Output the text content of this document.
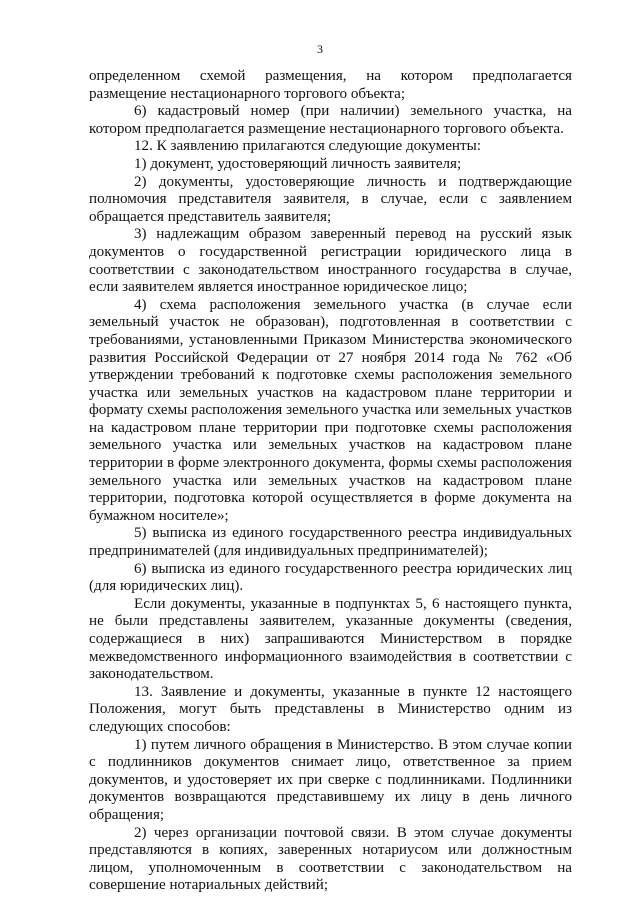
3

определенном схемой размещения, на котором предполагается размещение нестационарного торгового объекта;

6) кадастровый номер (при наличии) земельного участка, на котором предполагается размещение нестационарного торгового объекта.

12. К заявлению прилагаются следующие документы:

1) документ, удостоверяющий личность заявителя;

2) документы, удостоверяющие личность и подтверждающие полномочия представителя заявителя, в случае, если с заявлением обращается представитель заявителя;

3) надлежащим образом заверенный перевод на русский язык документов о государственной регистрации юридического лица в соответствии с законодательством иностранного государства в случае, если заявителем является иностранное юридическое лицо;

4) схема расположения земельного участка (в случае если земельный участок не образован), подготовленная в соответствии с требованиями, установленными Приказом Министерства экономического развития Российской Федерации от 27 ноября 2014 года № 762 «Об утверждении требований к подготовке схемы расположения земельного участка или земельных участков на кадастровом плане территории и формату схемы расположения земельного участка или земельных участков на кадастровом плане территории при подготовке схемы расположения земельного участка или земельных участков на кадастровом плане территории в форме электронного документа, формы схемы расположения земельного участка или земельных участков на кадастровом плане территории, подготовка которой осуществляется в форме документа на бумажном носителе»;

5) выписка из единого государственного реестра индивидуальных предпринимателей (для индивидуальных предпринимателей);

6) выписка из единого государственного реестра юридических лиц (для юридических лиц).

Если документы, указанные в подпунктах 5, 6 настоящего пункта, не были представлены заявителем, указанные документы (сведения, содержащиеся в них) запрашиваются Министерством в порядке межведомственного информационного взаимодействия в соответствии с законодательством.

13. Заявление и документы, указанные в пункте 12 настоящего Положения, могут быть представлены в Министерство одним из следующих способов:

1) путем личного обращения в Министерство. В этом случае копии с подлинников документов снимает лицо, ответственное за прием документов, и удостоверяет их при сверке с подлинниками. Подлинники документов возвращаются представившему их лицу в день личного обращения;

2) через организации почтовой связи. В этом случае документы представляются в копиях, заверенных нотариусом или должностным лицом, уполномоченным в соответствии с законодательством на совершение нотариальных действий;
